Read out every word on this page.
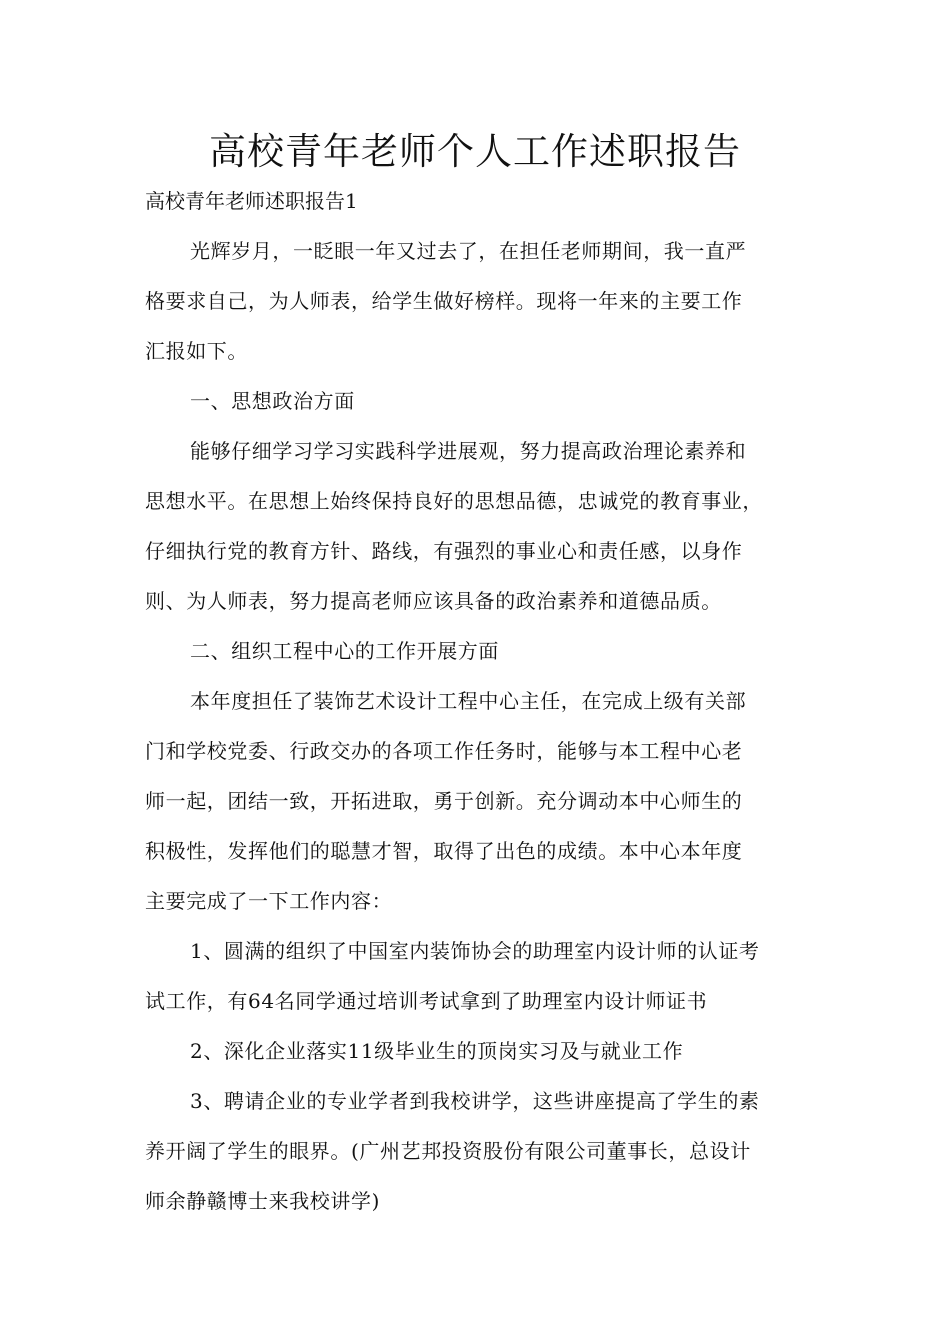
高校青年老师个人工作述职报告
高校青年老师述职报告1
光辉岁月，一眨眼一年又过去了，在担任老师期间，我一直严
格要求自己，为人师表，给学生做好榜样。现将一年来的主要工作
汇报如下。
一、思想政治方面
能够仔细学习学习实践科学进展观，努力提高政治理论素养和
思想水平。在思想上始终保持良好的思想品德，忠诚党的教育事业，
仔细执行党的教育方针、路线，有强烈的事业心和责任感，以身作
则、为人师表，努力提高老师应该具备的政治素养和道德品质。
二、组织工程中心的工作开展方面
本年度担任了装饰艺术设计工程中心主任，在完成上级有关部
门和学校党委、行政交办的各项工作任务时，能够与本工程中心老
师一起，团结一致，开拓进取，勇于创新。充分调动本中心师生的
积极性，发挥他们的聪慧才智，取得了出色的成绩。本中心本年度
主要完成了一下工作内容：
1、圆满的组织了中国室内装饰协会的助理室内设计师的认证考
试工作，有64名同学通过培训考试拿到了助理室内设计师证书
2、深化企业落实11级毕业生的顶岗实习及与就业工作
3、聘请企业的专业学者到我校讲学，这些讲座提高了学生的素
养开阔了学生的眼界。(广州艺邦投资股份有限公司董事长，总设计
师余静赣博士来我校讲学)
